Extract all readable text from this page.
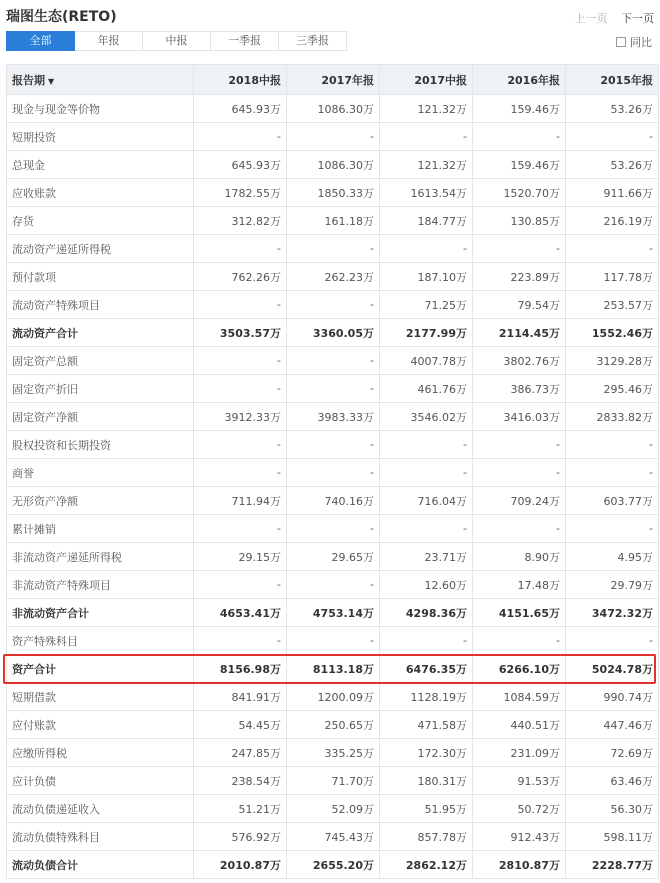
瑞图生态(RETO)	上一页 下一页
全部	年报	中报	一季报	三季报	同比
报告期 ▼	2018中报	2017年报	2017中报	2016年报	2015年报
现金与现金等价物	645.93万	1086.30万	121.32万	159.46万	53.26万
短期投资	-	-	-	-	-
总现金	645.93万	1086.30万	121.32万	159.46万	53.26万
应收账款	1782.55万	1850.33万	1613.54万	1520.70万	911.66万
存货	312.82万	161.18万	184.77万	130.85万	216.19万
流动资产递延所得税	-	-	-	-	-
预付款项	762.26万	262.23万	187.10万	223.89万	117.78万
流动资产特殊项目	-	-	71.25万	79.54万	253.57万
流动资产合计	3503.57万	3360.05万	2177.99万	2114.45万	1552.46万
固定资产总额	-	-	4007.78万	3802.76万	3129.28万
固定资产折旧	-	-	461.76万	386.73万	295.46万
固定资产净额	3912.33万	3983.33万	3546.02万	3416.03万	2833.82万
股权投资和长期投资	-	-	-	-	-
商誉	-	-	-	-	-
无形资产净额	711.94万	740.16万	716.04万	709.24万	603.77万
累计摊销	-	-	-	-	-
非流动资产递延所得税	29.15万	29.65万	23.71万	8.90万	4.95万
非流动资产特殊项目	-	-	12.60万	17.48万	29.79万
非流动资产合计	4653.41万	4753.14万	4298.36万	4151.65万	3472.32万
资产特殊科目	-	-	-	-	-
资产合计	8156.98万	8113.18万	6476.35万	6266.10万	5024.78万
短期借款	841.91万	1200.09万	1128.19万	1084.59万	990.74万
应付账款	54.45万	250.65万	471.58万	440.51万	447.46万
应缴所得税	247.85万	335.25万	172.30万	231.09万	72.69万
应计负债	238.54万	71.70万	180.31万	91.53万	63.46万
流动负债递延收入	51.21万	52.09万	51.95万	50.72万	56.30万
流动负债特殊科目	576.92万	745.43万	857.78万	912.43万	598.11万
流动负债合计	2010.87万	2655.20万	2862.12万	2810.87万	2228.77万
